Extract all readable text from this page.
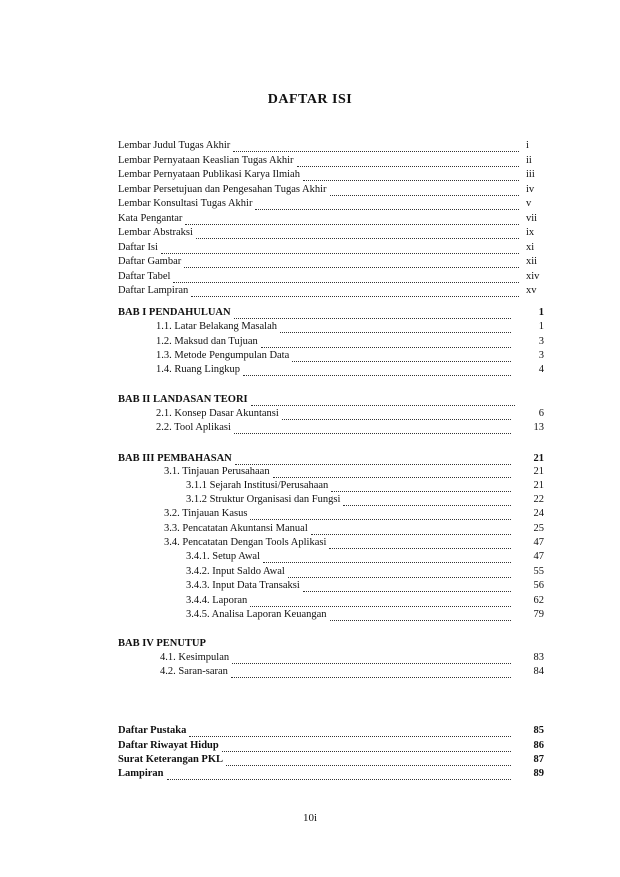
DAFTAR ISI
Lembar Judul Tugas Akhir	i
Lembar Pernyataan Keaslian Tugas Akhir	ii
Lembar Pernyataan Publikasi Karya Ilmiah	iii
Lembar Persetujuan dan Pengesahan Tugas Akhir	iv
Lembar Konsultasi Tugas Akhir	v
Kata Pengantar	vii
Lembar Abstraksi	ix
Daftar Isi	xi
Daftar Gambar	xii
Daftar Tabel	xiv
Daftar Lampiran	xv
BAB I PENDAHULUAN	1
1.1. Latar Belakang Masalah	1
1.2. Maksud dan Tujuan	3
1.3. Metode Pengumpulan Data	3
1.4. Ruang Lingkup	4
BAB II LANDASAN TEORI
2.1. Konsep Dasar Akuntansi	6
2.2. Tool Aplikasi	13
BAB III PEMBAHASAN	21
3.1. Tinjauan Perusahaan	21
3.1.1 Sejarah Institusi/Perusahaan	21
3.1.2 Struktur Organisasi dan Fungsi	22
3.2. Tinjauan Kasus	24
3.3. Pencatatan Akuntansi Manual	25
3.4. Pencatatan Dengan Tools Aplikasi	47
3.4.1. Setup Awal	47
3.4.2. Input Saldo Awal	55
3.4.3. Input Data Transaksi	56
3.4.4. Laporan	62
3.4.5. Analisa Laporan Keuangan	79
BAB IV PENUTUP
4.1. Kesimpulan	83
4.2. Saran-saran	84
Daftar Pustaka	85
Daftar Riwayat Hidup	86
Surat Keterangan PKL	87
Lampiran	89
10i
